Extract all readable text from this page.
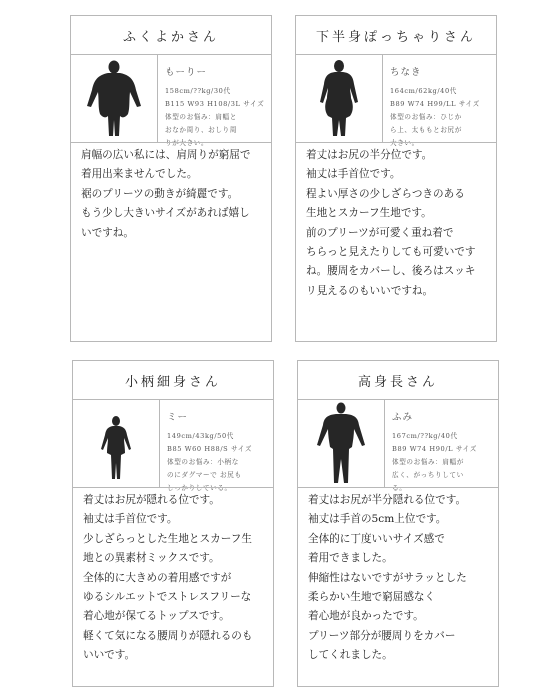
ふくよかさん
もーりー
158cm/??kg/30代
B115 W93 H108/3L サイズ
体型のお悩み：肩幅と
おなか周り、おしり周
りが大きい。
肩幅の広い私には、肩周りが窮屈で
着用出来ませんでした。
裾のプリーツの動きが綺麗です。
もう少し大きいサイズがあれば嬉し
いですね。
下半身ぽっちゃりさん
ちなき
164cm/62kg/40代
B89 W74 H99/LL サイズ
体型のお悩み：ひじか
ら上、太ももとお尻が
大きい。
着丈はお尻の半分位です。
袖丈は手首位です。
程よい厚さの少しざらつきのある
生地とスカーフ生地です。
前のプリーツが可愛く重ね着で
ちらっと見えたりしても可愛いです
ね。腰周をカバーし、後ろはスッキ
リ見えるのもいいですね。
小柄細身さん
ミー
149cm/43kg/50代
B85 W60 H88/S サイズ
体型のお悩み：小柄な
のにダグマーで お尻も
しっかりしている。
着丈はお尻が隠れる位です。
袖丈は手首位です。
少しざらっとした生地とスカーフ生
地との異素材ミックスです。
全体的に大きめの着用感ですが
ゆるシルエットでストレスフリーな
着心地が保てるトップスです。
軽くて気になる腰周りが隠れるのも
いいです。
高身長さん
ふみ
167cm/??kg/40代
B89 W74 H90/L サイズ
体型のお悩み：肩幅が
広く、がっちりしてい
る。
着丈はお尻が半分隠れる位です。
袖丈は手首の5cm上位です。
全体的に丁度いいサイズ感で
着用できました。
伸縮性はないですがサラッとした
柔らかい生地で窮屈感なく
着心地が良かったです。
プリーツ部分が腰周りをカバー
してくれました。
